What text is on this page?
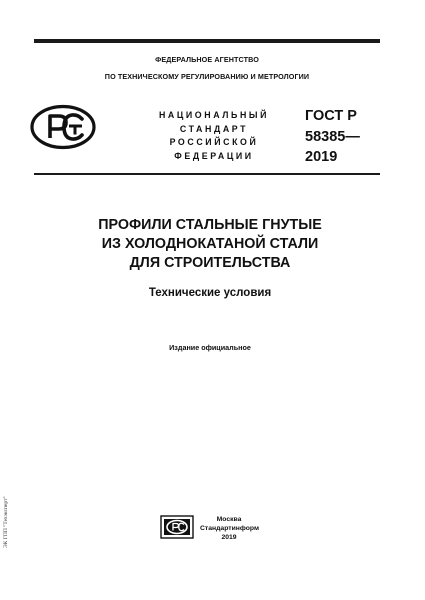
ФЕДЕРАЛЬНОЕ АГЕНТСТВО
ПО ТЕХНИЧЕСКОМУ РЕГУЛИРОВАНИЮ И МЕТРОЛОГИИ
НАЦИОНАЛЬНЫЙ
СТАНДАРТ
РОССИЙСКОЙ
ФЕДЕРАЦИИ
ГОСТ Р
58385—
2019
ПРОФИЛИ СТАЛЬНЫЕ ГНУТЫЕ
ИЗ ХОЛОДНОКАТАНОЙ СТАЛИ
ДЛЯ СТРОИТЕЛЬСТВА
Технические условия
Издание официальное
Москва
Стандартинформ
2019
ЭК ГПП "Техэксперт"
